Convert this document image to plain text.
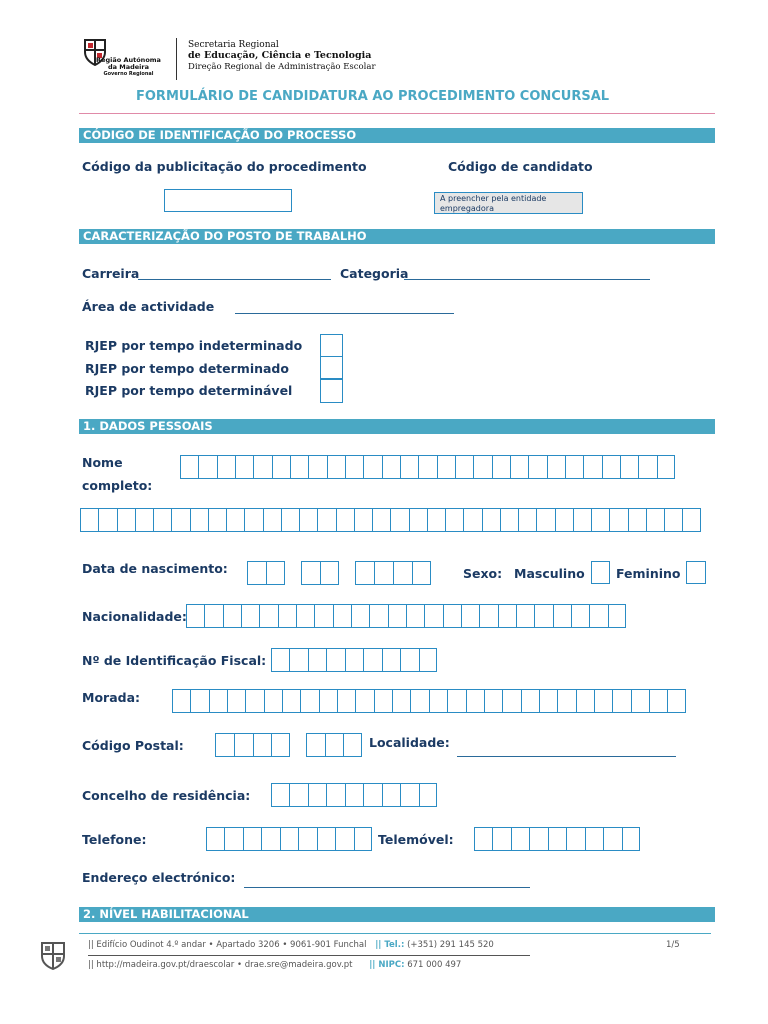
Região Autónoma
da Madeira
Governo Regional
Secretaria Regional
de Educação, Ciência e Tecnologia
Direção Regional de Administração Escolar
FORMULÁRIO DE CANDIDATURA AO PROCEDIMENTO CONCURSAL
CÓDIGO DE IDENTIFICAÇÃO DO PROCESSO
Código da publicitação do procedimento	Código de candidato
A preencher pela entidade empregadora
CARACTERIZAÇÃO DO POSTO DE TRABALHO
Carreira	Categoria
Área de actividade
RJEP por tempo indeterminado
RJEP por tempo determinado
RJEP por tempo determinável
1. DADOS PESSOAIS
Nome
completo:
Data de nascimento:	Sexo: Masculino	Feminino
Nacionalidade:
Nº de Identificação Fiscal:
Morada:
Código Postal:	Localidade:
Concelho de residência:
Telefone:	Telemóvel:
Endereço electrónico:
2. NÍVEL HABILITACIONAL
|| Edifício Oudinot 4.º andar • Apartado 3206 • 9061-901 Funchal || Tel.: (+351) 291 145 520	1/5
|| http://madeira.gov.pt/draescolar • drae.sre@madeira.gov.pt || NIPC: 671 000 497
